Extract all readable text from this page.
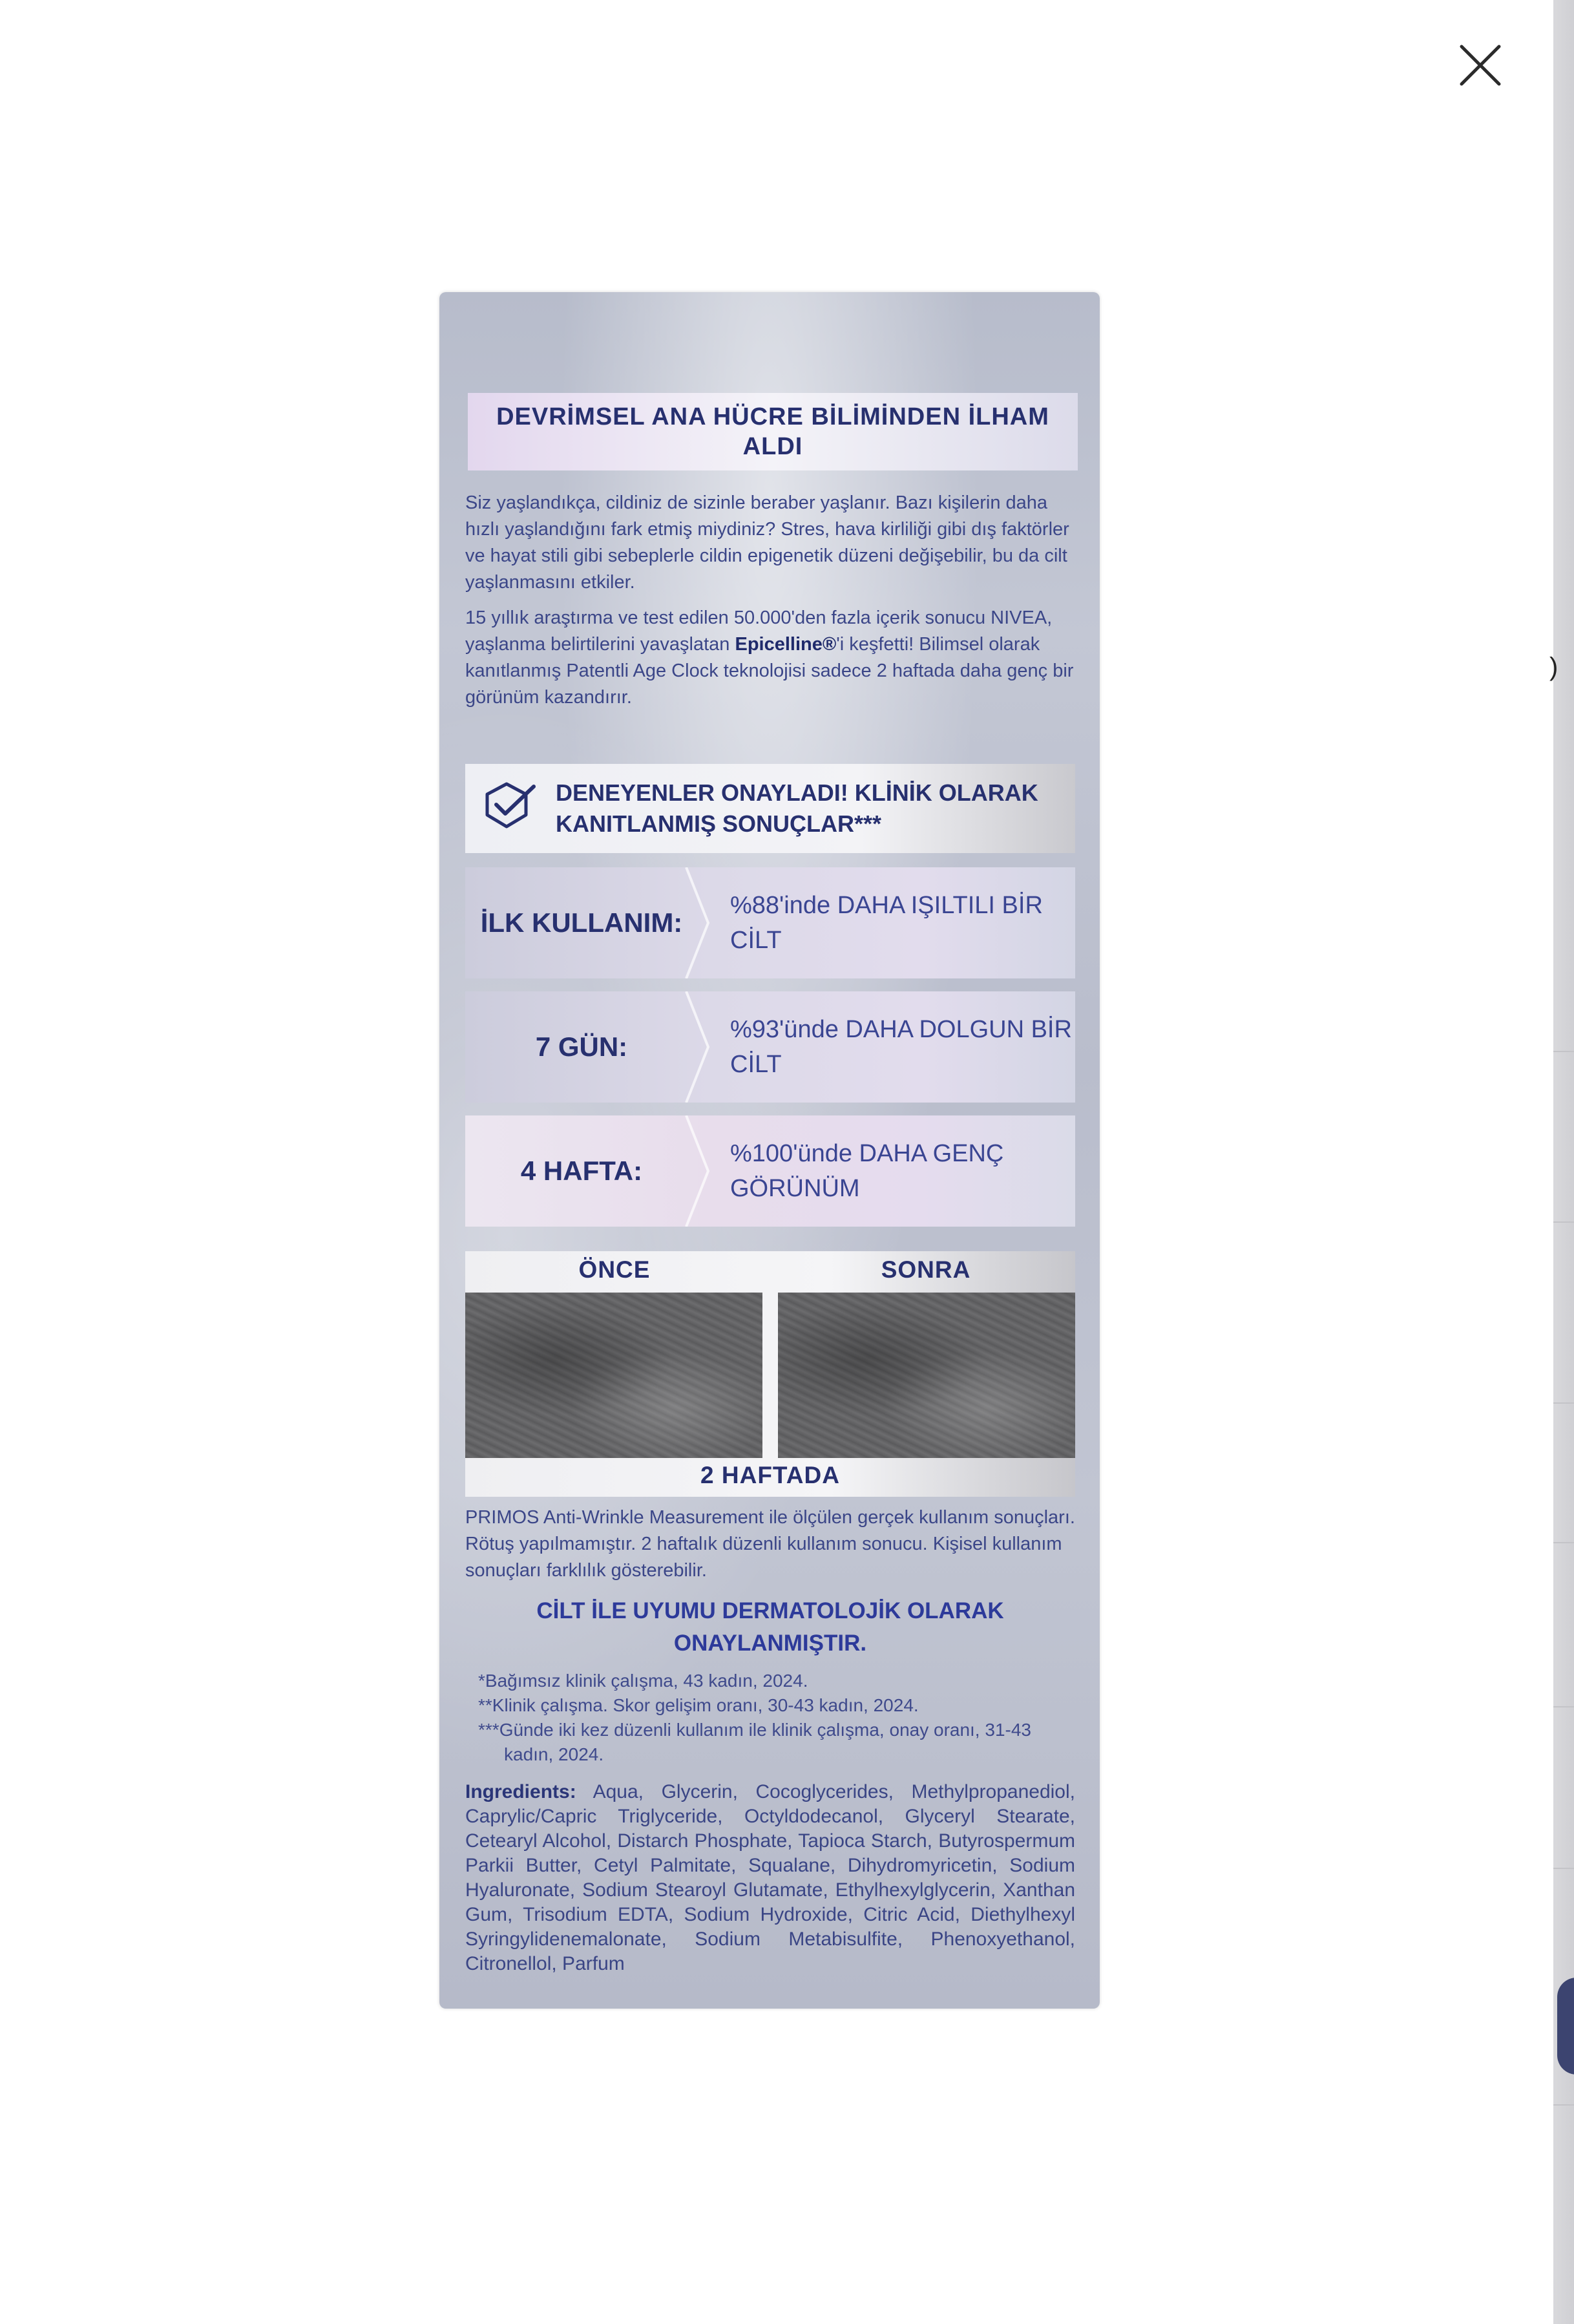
)
DEVRİMSEL ANA HÜCRE BİLİMİNDEN İLHAM ALDI
Siz yaşlandıkça, cildiniz de sizinle beraber yaşlanır. Bazı kişilerin daha hızlı yaşlandığını fark etmiş miydiniz? Stres, hava kirliliği gibi dış faktörler ve hayat stili gibi sebeplerle cildin epigenetik düzeni değişebilir, bu da cilt yaşlanmasını etkiler.
15 yıllık araştırma ve test edilen 50.000'den fazla içerik sonucu NIVEA, yaşlanma belirtilerini yavaşlatan Epicelline®'i keşfetti! Bilimsel olarak kanıtlanmış Patentli Age Clock teknolojisi sadece 2 haftada daha genç bir görünüm kazandırır.
DENEYENLER ONAYLADI! KLİNİK OLARAK KANITLANMIŞ SONUÇLAR***
İLK KULLANIM:
%88'inde DAHA IŞILTILI BİR CİLT
7 GÜN:
%93'ünde DAHA DOLGUN BİR CİLT
4 HAFTA:
%100'ünde DAHA GENÇ GÖRÜNÜM
ÖNCE	SONRA
2 HAFTADA
PRIMOS Anti-Wrinkle Measurement ile ölçülen gerçek kullanım sonuçları. Rötuş yapılmamıştır. 2 haftalık düzenli kullanım sonucu. Kişisel kullanım sonuçları farklılık gösterebilir.
CİLT İLE UYUMU DERMATOLOJİK OLARAK ONAYLANMIŞTIR.
*Bağımsız klinik çalışma, 43 kadın, 2024.
**Klinik çalışma. Skor gelişim oranı, 30-43 kadın, 2024.
***Günde iki kez düzenli kullanım ile klinik çalışma, onay oranı, 31-43 kadın, 2024.
Ingredients: Aqua, Glycerin, Cocoglycerides, Methylpropanediol, Caprylic/Capric Triglyceride, Octyldodecanol, Glyceryl Stearate, Cetearyl Alcohol, Distarch Phosphate, Tapioca Starch, Butyrospermum Parkii Butter, Cetyl Palmitate, Squalane, Dihydromyricetin, Sodium Hyaluronate, Sodium Stearoyl Glutamate, Ethylhexylglycerin, Xanthan Gum, Trisodium EDTA, Sodium Hydroxide, Citric Acid, Diethylhexyl Syringylidenemalonate, Sodium Metabisulfite, Phenoxyethanol, Citronellol, Parfum
